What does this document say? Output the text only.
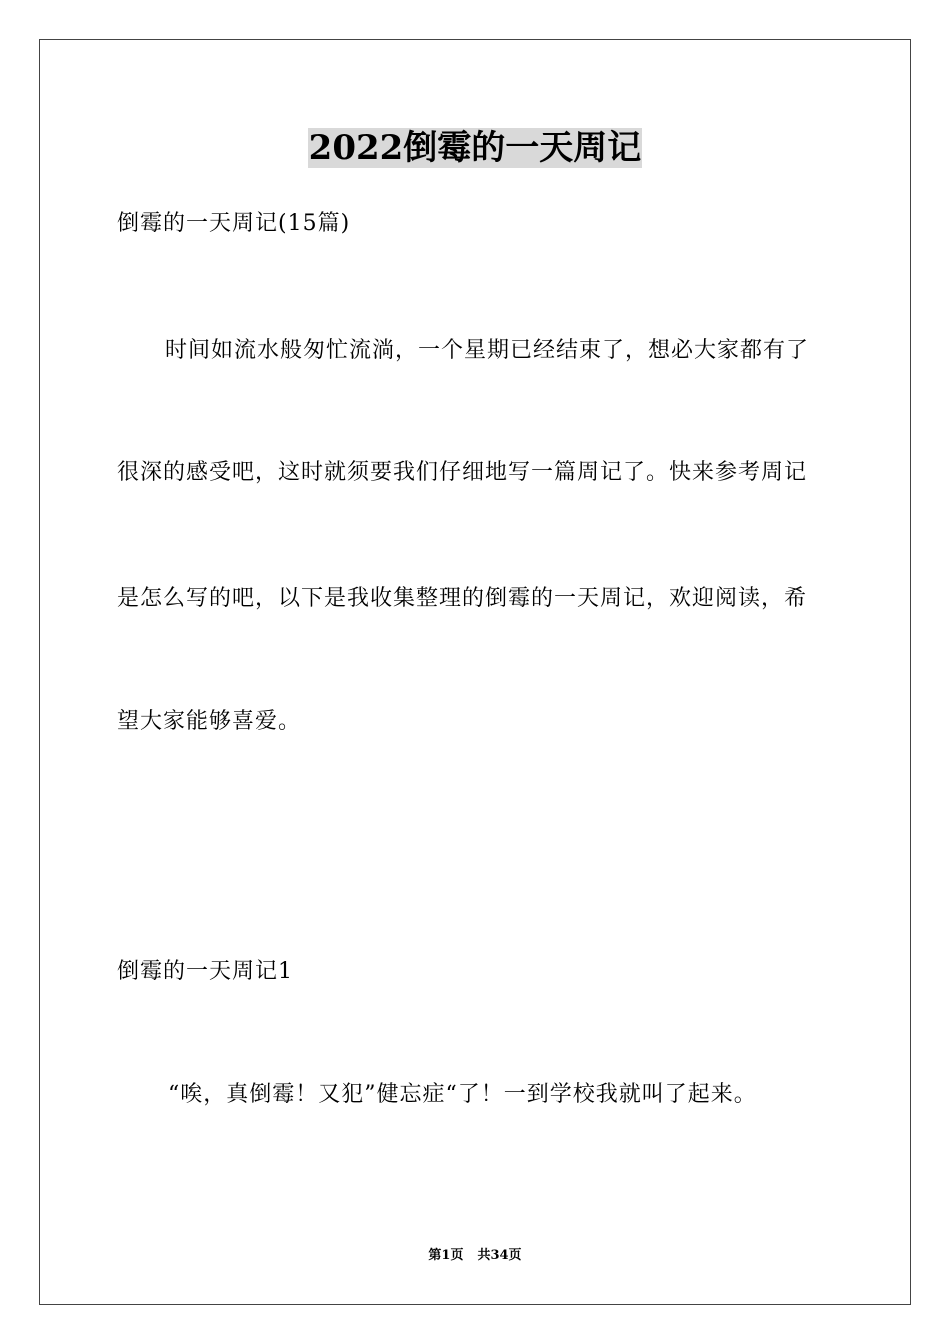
2022倒霉的一天周记
倒霉的一天周记(15篇)
时间如流水般匆忙流淌，一个星期已经结束了，想必大家都有了
很深的感受吧，这时就须要我们仔细地写一篇周记了。快来参考周记
是怎么写的吧，以下是我收集整理的倒霉的一天周记，欢迎阅读，希
望大家能够喜爱。
倒霉的一天周记1
“唉，真倒霉！又犯”健忘症“了！一到学校我就叫了起来。
第1页 共34页
